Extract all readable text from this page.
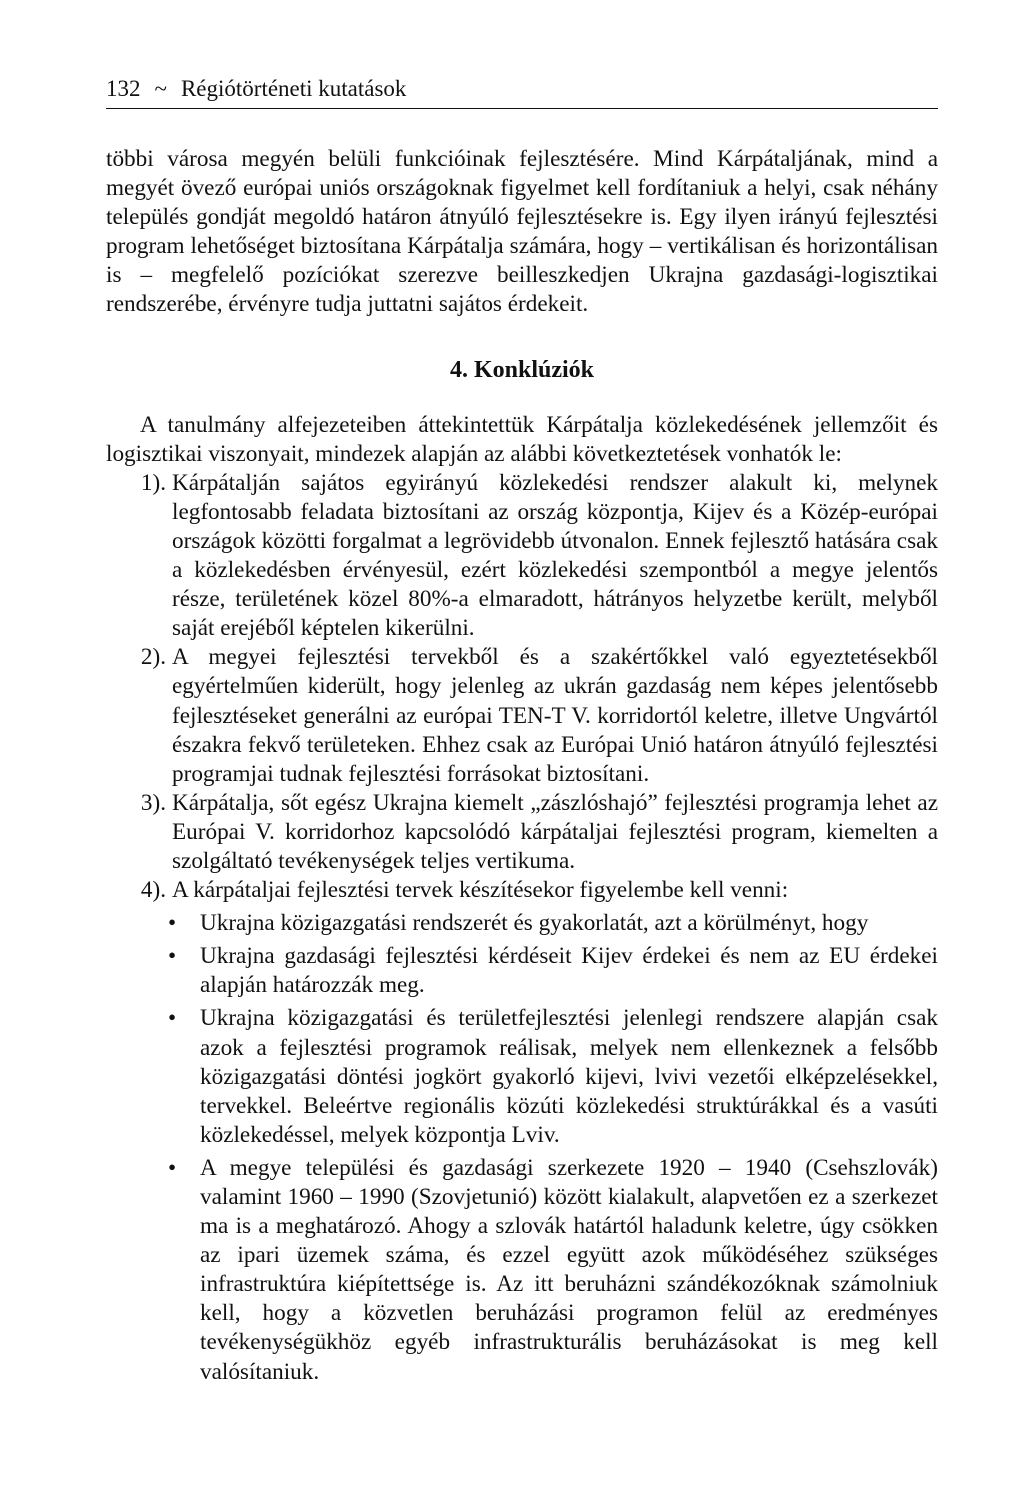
132 ~ Régiótörténeti kutatások

többi városa megyén belüli funkcióinak fejlesztésére. Mind Kárpátaljának, mind a megyét övező európai uniós országoknak figyelmet kell fordítaniuk a helyi, csak néhány település gondját megoldó határon átnyúló fejlesztésekre is. Egy ilyen irányú fejlesztési program lehetőséget biztosítana Kárpátalja számára, hogy – vertikálisan és horizontálisan is – megfelelő pozíciókat szerezve beilleszkedjen Ukrajna gazdasági-logisztikai rendszerébe, érvényre tudja juttatni sajátos érdekeit.

4. Konklúziók

A tanulmány alfejezeteiben áttekintettük Kárpátalja közlekedésének jellemzőit és logisztikai viszonyait, mindezek alapján az alábbi következtetések vonhatók le:

1). Kárpátalján sajátos egyirányú közlekedési rendszer alakult ki, melynek legfontosabb feladata biztosítani az ország központja, Kijev és a Közép-európai országok közötti forgalmat a legrövidebb útvonalon. Ennek fejlesztő hatására csak a közlekedésben érvényesül, ezért közlekedési szempontból a megye jelentős része, területének közel 80%-a elmaradott, hátrányos helyzetbe került, melyből saját erejéből képtelen kikerülni.
2). A megyei fejlesztési tervekből és a szakértőkkel való egyeztetésekből egyértelműen kiderült, hogy jelenleg az ukrán gazdaság nem képes jelentősebb fejlesztéseket generálni az európai TEN-T V. korridortól keletre, illetve Ungvártól északra fekvő területeken. Ehhez csak az Európai Unió határon átnyúló fejlesztési programjai tudnak fejlesztési forrásokat biztosítani.
3). Kárpátalja, sőt egész Ukrajna kiemelt „zászlóshajó” fejlesztési programja lehet az Európai V. korridorhoz kapcsolódó kárpátaljai fejlesztési program, kiemelten a szolgáltató tevékenységek teljes vertikuma.
4). A kárpátaljai fejlesztési tervek készítésekor figyelembe kell venni:
• Ukrajna közigazgatási rendszerét és gyakorlatát, azt a körülményt, hogy
• Ukrajna gazdasági fejlesztési kérdéseit Kijev érdekei és nem az EU érdekei alapján határozzák meg.
• Ukrajna közigazgatási és területfejlesztési jelenlegi rendszere alapján csak azok a fejlesztési programok reálisak, melyek nem ellenkeznek a felsőbb közigazgatási döntési jogkört gyakorló kijevi, lvivi vezetői elképzelésekkel, tervekkel. Beleértve regionális közúti közlekedési struktúrákkal és a vasúti közlekedéssel, melyek központja Lviv.
• A megye települési és gazdasági szerkezete 1920 – 1940 (Csehszlovák) valamint 1960 – 1990 (Szovjetunió) között kialakult, alapvetően ez a szerkezet ma is a meghatározó. Ahogy a szlovák határtól haladunk keletre, úgy csökken az ipari üzemek száma, és ezzel együtt azok működéséhez szükséges infrastruktúra kiépítettsége is. Az itt beruházni szándékozóknak számolniuk kell, hogy a közvetlen beruházási programon felül az eredményes tevékenységükhöz egyéb infrastrukturális beruházásokat is meg kell valósítaniuk.
